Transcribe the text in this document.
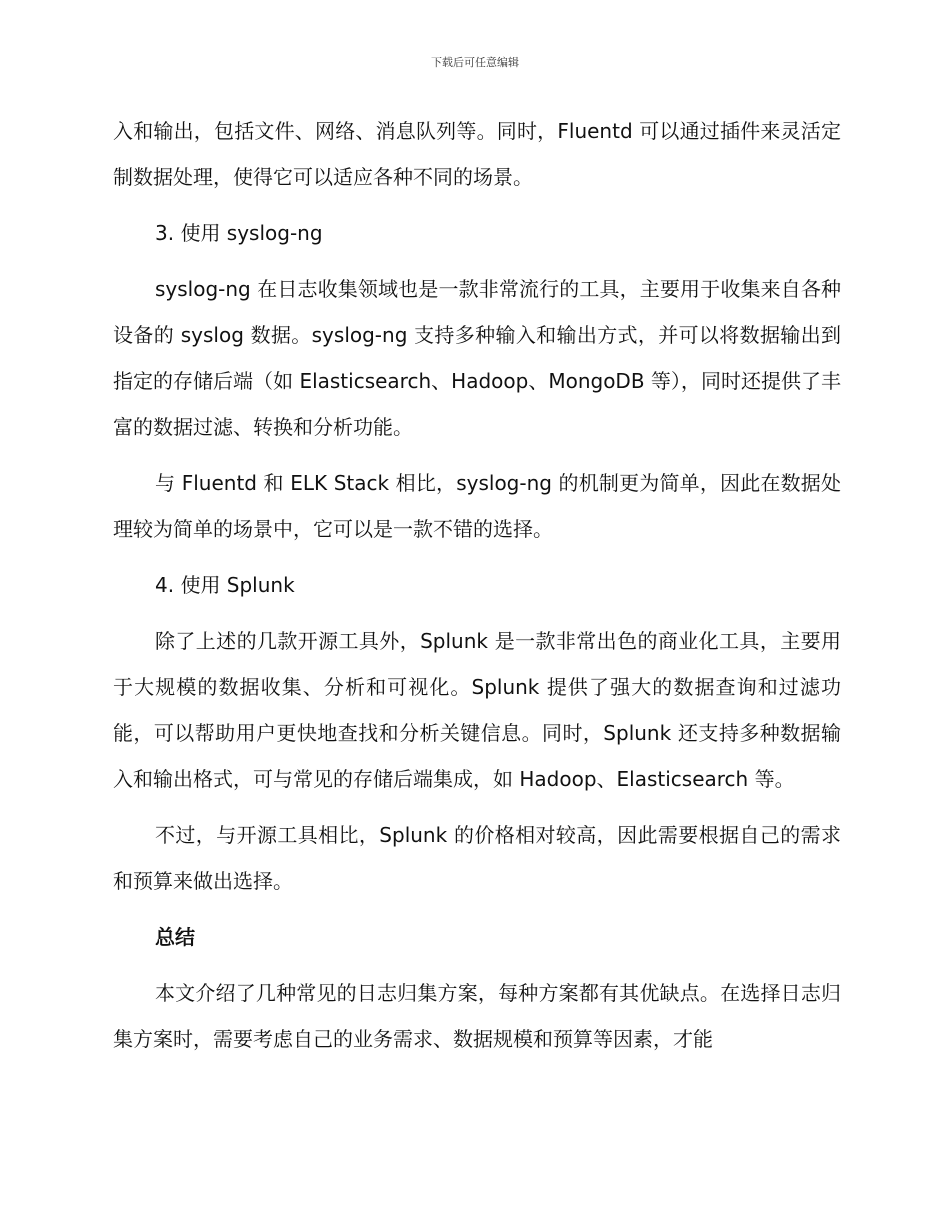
下载后可任意编辑

入和输出，包括文件、网络、消息队列等。同时，Fluentd 可以通过插件来灵活定制数据处理，使得它可以适应各种不同的场景。

3. 使用 syslog-ng

syslog-ng 在日志收集领域也是一款非常流行的工具，主要用于收集来自各种设备的 syslog 数据。syslog-ng 支持多种输入和输出方式，并可以将数据输出到指定的存储后端（如 Elasticsearch、Hadoop、MongoDB 等），同时还提供了丰富的数据过滤、转换和分析功能。

与 Fluentd 和 ELK Stack 相比，syslog-ng 的机制更为简单，因此在数据处理较为简单的场景中，它可以是一款不错的选择。

4. 使用 Splunk

除了上述的几款开源工具外，Splunk 是一款非常出色的商业化工具，主要用于大规模的数据收集、分析和可视化。Splunk 提供了强大的数据查询和过滤功能，可以帮助用户更快地查找和分析关键信息。同时，Splunk 还支持多种数据输入和输出格式，可与常见的存储后端集成，如 Hadoop、Elasticsearch 等。

不过，与开源工具相比，Splunk 的价格相对较高，因此需要根据自己的需求和预算来做出选择。

总结

本文介绍了几种常见的日志归集方案，每种方案都有其优缺点。在选择日志归集方案时，需要考虑自己的业务需求、数据规模和预算等因素，才能
